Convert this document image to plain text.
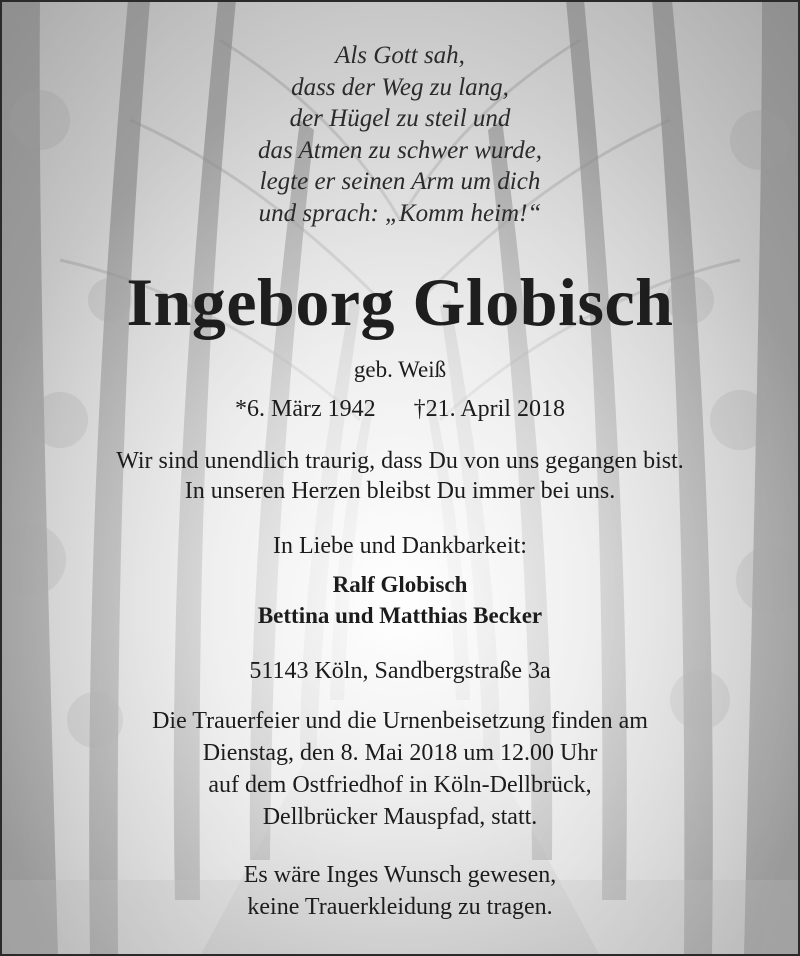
Als Gott sah,
dass der Weg zu lang,
der Hügel zu steil und
das Atmen zu schwer wurde,
legte er seinen Arm um dich
und sprach: „Komm heim!“
Ingeborg Globisch
geb. Weiß
*6. März 1942 †21. April 2018
Wir sind unendlich traurig, dass Du von uns gegangen bist.
In unseren Herzen bleibst Du immer bei uns.
In Liebe und Dankbarkeit:
Ralf Globisch
Bettina und Matthias Becker
51143 Köln, Sandbergstraße 3a
Die Trauerfeier und die Urnenbeisetzung finden am
Dienstag, den 8. Mai 2018 um 12.00 Uhr
auf dem Ostfriedhof in Köln-Dellbrück,
Dellbrücker Mauspfad, statt.
Es wäre Inges Wunsch gewesen,
keine Trauerkleidung zu tragen.
